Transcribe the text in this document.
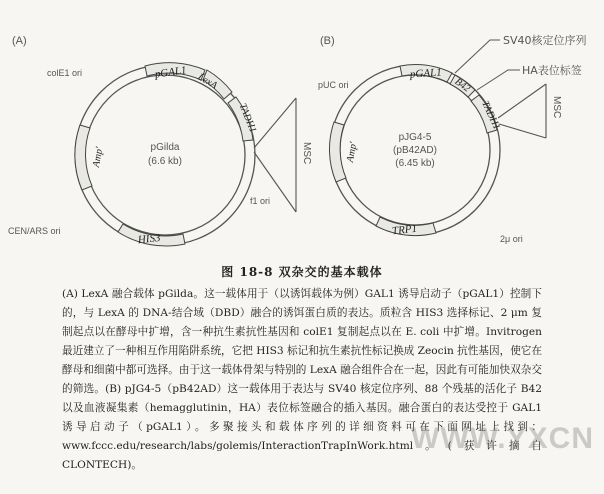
(A)
pGAL1 LexA
TADH1
HIS3
Amp'	pGilda
(6.6 kb)
colE1 ori
CEN/ARS ori
f1 ori
MSC
(B)
pGAL1
B42
TADH1
TRP1
Amp'
pJG4-5
(pB42AD)
(6.45 kb)
pUC ori
2μ ori
SV40核定位序列
HA表位标签
MSC
图 18-8 双杂交的基本载体
(A) LexA 融合载体 pGilda。这一载体用于（以诱饵载体为例）GAL1 诱导启动子（pGAL1）控制下的，与 LexA 的 DNA-结合域（DBD）融合的诱饵蛋白质的表达。质粒含 HIS3 选择标记、2 μm 复制起点以在酵母中扩增，含一种抗生素抗性基因和 colE1 复制起点以在 E. coli 中扩增。Invitrogen 最近建立了一种相互作用陷阱系统，它把 HIS3 标记和抗生素抗性标记换成 Zeocin 抗性基因，使它在酵母和细菌中都可选择。由于这一载体骨架与特别的 LexA 融合组件合在一起，因此有可能加快双杂交的筛选。(B) pJG4-5（pB42AD）这一载体用于表达与 SV40 核定位序列、88 个残基的活化子 B42 以及血液凝集素（hemagglutinin，HA）表位标签融合的插入基因。融合蛋白的表达受控于 GAL1 诱导启动子（pGAL1）。多聚接头和载体序列的详细资料可在下面网址上找到：www.fccc.edu/research/labs/golemis/InteractionTrapInWork.html。(获许摘自 CLONTECH)。
WWW.YXCN
